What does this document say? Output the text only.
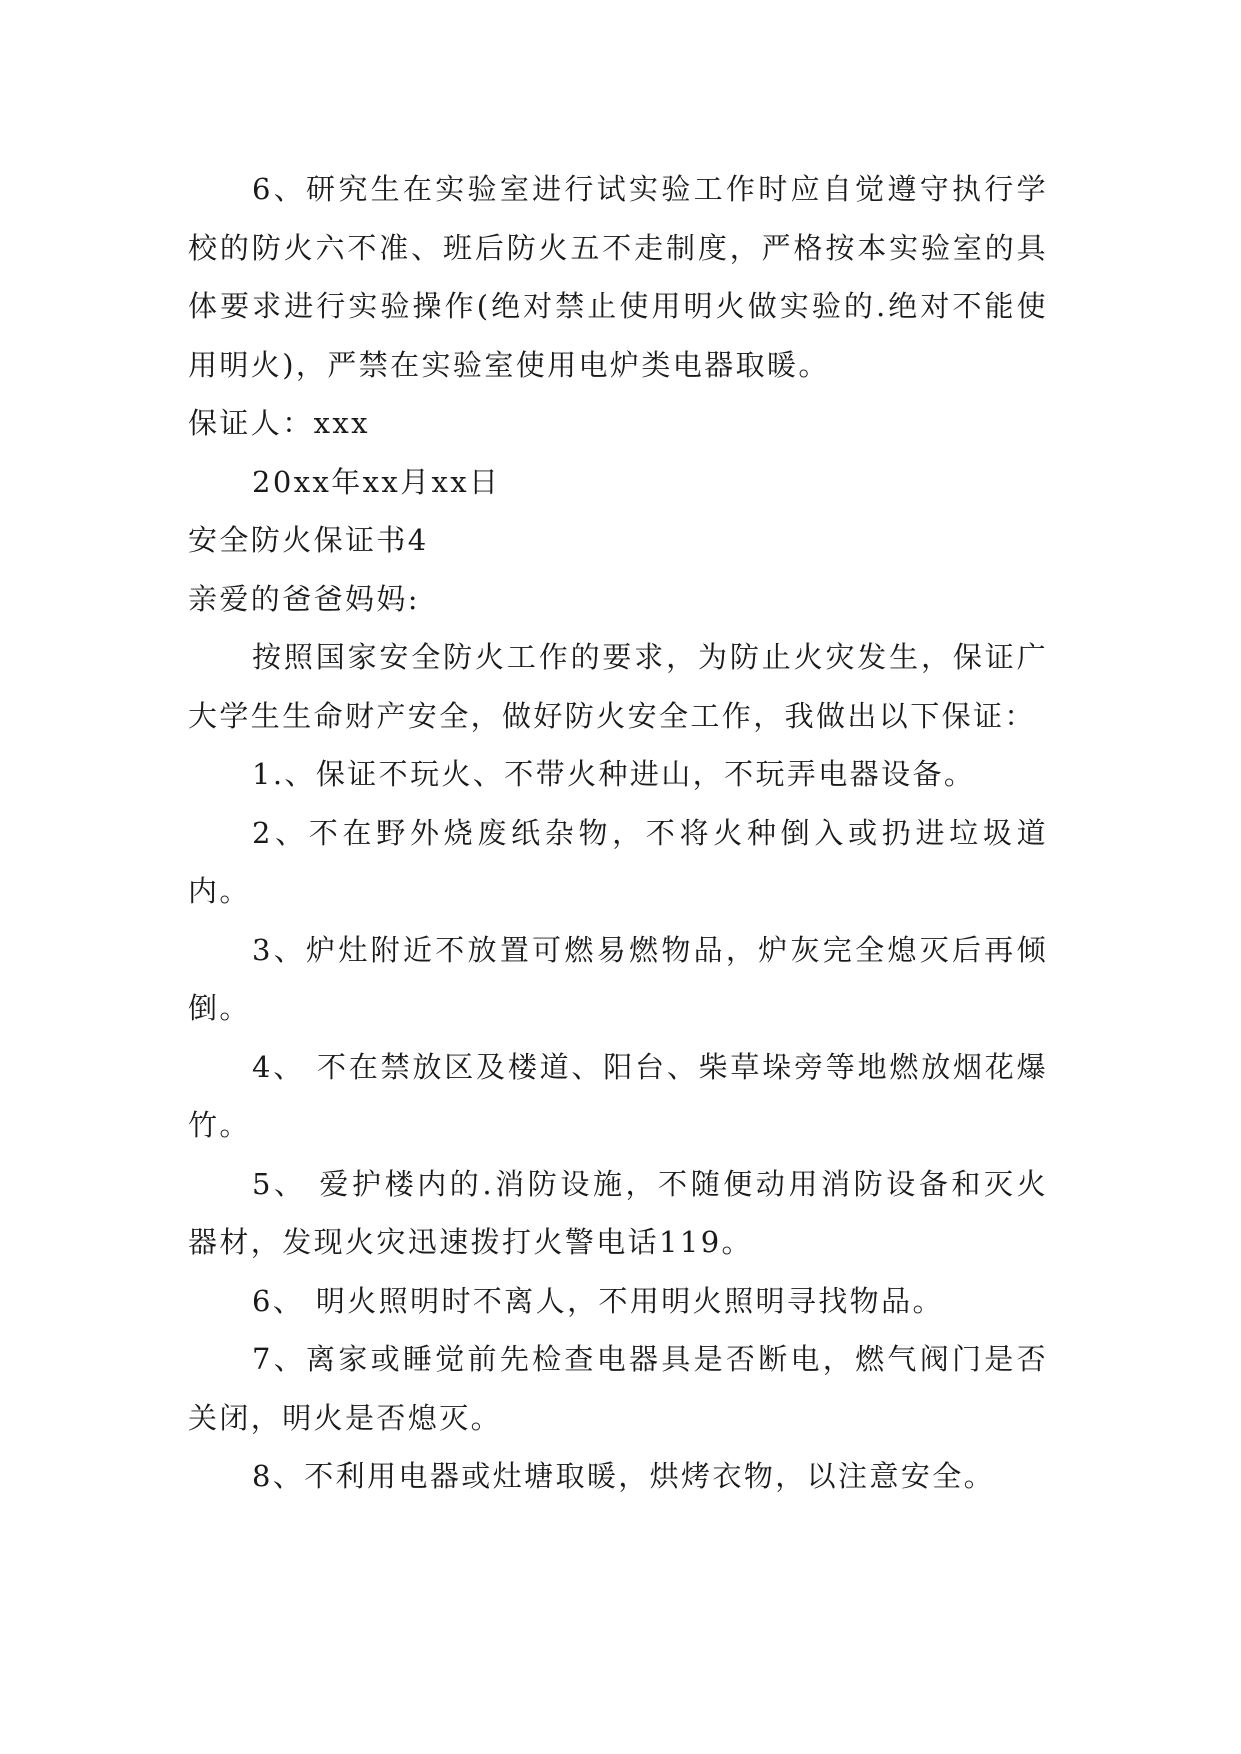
6、研究生在实验室进行试实验工作时应自觉遵守执行学校的防火六不准、班后防火五不走制度，严格按本实验室的具体要求进行实验操作(绝对禁止使用明火做实验的.绝对不能使用明火)，严禁在实验室使用电炉类电器取暖。

保证人：xxx

20xx年xx月xx日

安全防火保证书4

亲爱的爸爸妈妈:

按照国家安全防火工作的要求，为防止火灾发生，保证广大学生生命财产安全，做好防火安全工作，我做出以下保证：

1.、保证不玩火、不带火种进山，不玩弄电器设备。

2、不在野外烧废纸杂物，不将火种倒入或扔进垃圾道内。

3、炉灶附近不放置可燃易燃物品，炉灰完全熄灭后再倾倒。

4、 不在禁放区及楼道、阳台、柴草垛旁等地燃放烟花爆竹。

5、 爱护楼内的.消防设施，不随便动用消防设备和灭火器材，发现火灾迅速拨打火警电话119。

6、 明火照明时不离人，不用明火照明寻找物品。

7、离家或睡觉前先检查电器具是否断电，燃气阀门是否关闭，明火是否熄灭。

8、不利用电器或灶塘取暖，烘烤衣物，以注意安全。
